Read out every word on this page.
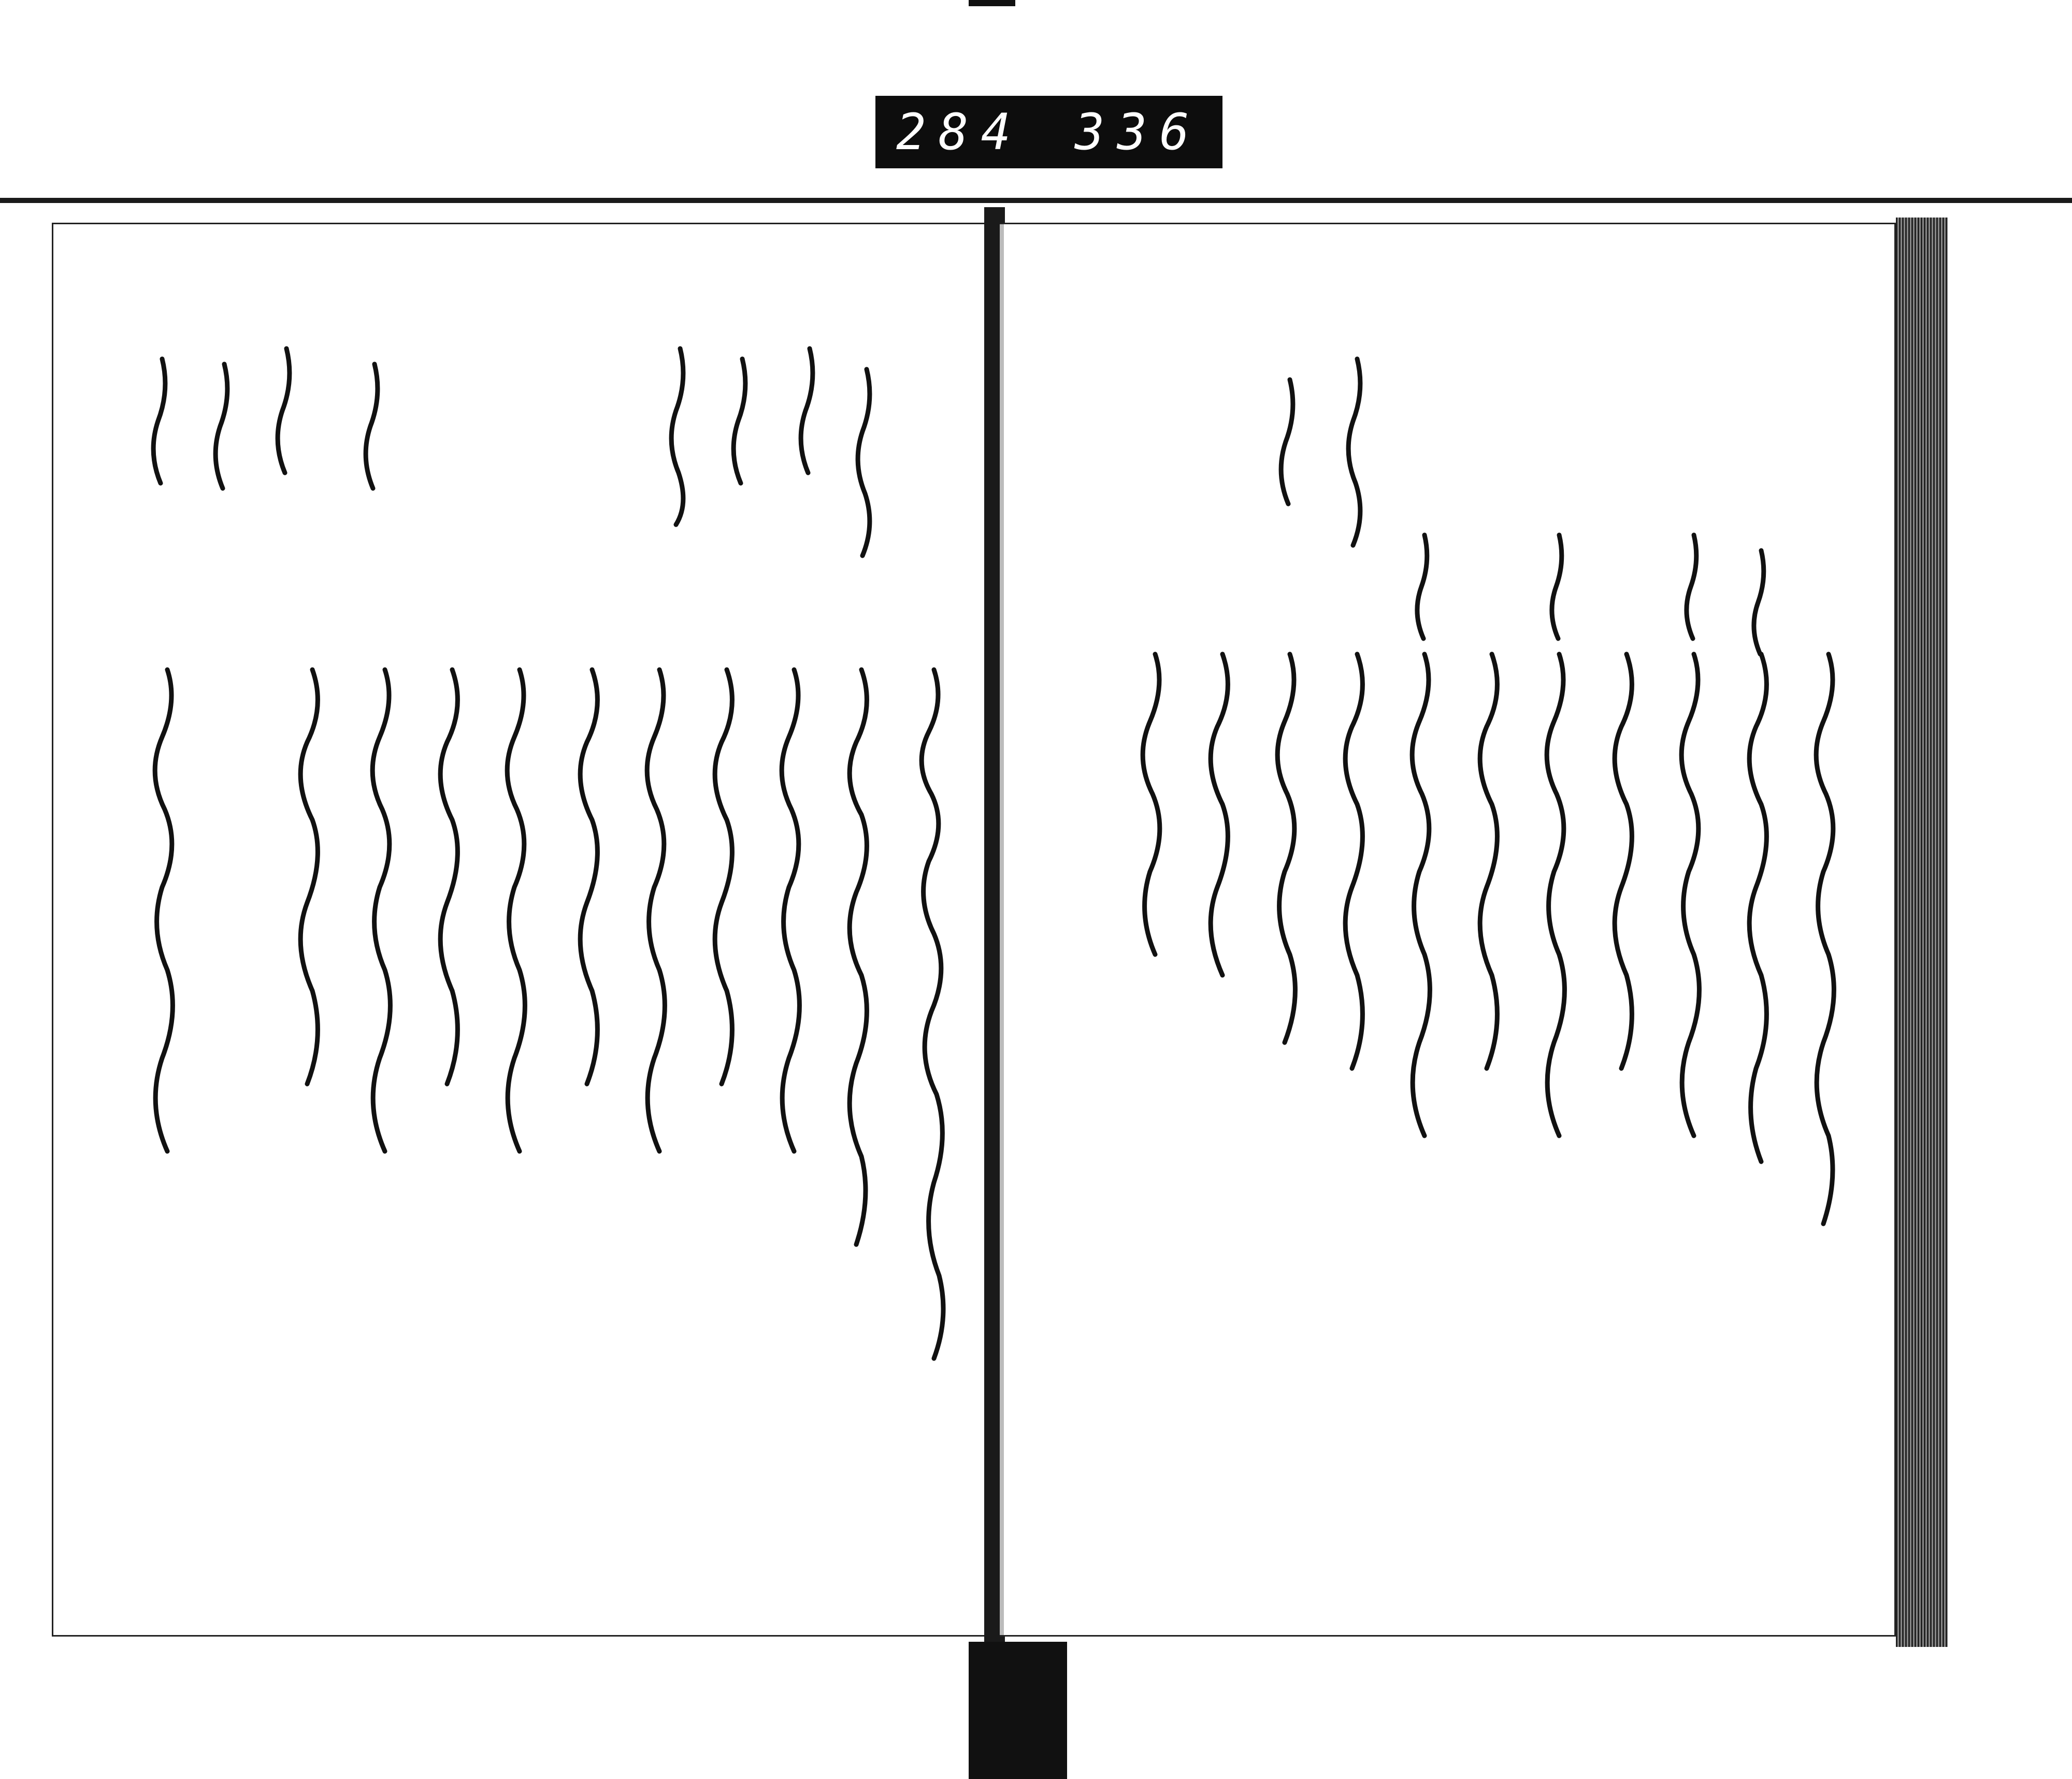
284 336
